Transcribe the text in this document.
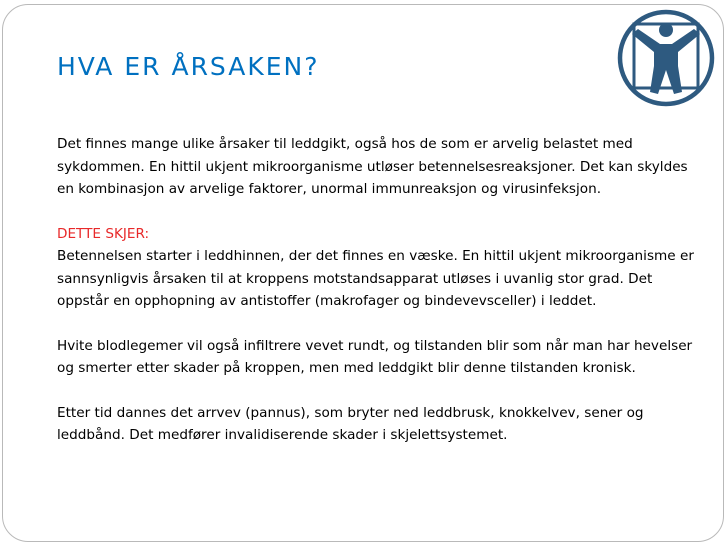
HVA ER ÅRSAKEN?

Det finnes mange ulike årsaker til leddgikt, også hos de som er arvelig belastet med sykdommen. En hittil ukjent mikroorganisme utløser betennelsesreaksjoner. Det kan skyldes en kombinasjon av arvelige faktorer, unormal immunreaksjon og virusinfeksjon.

DETTE SKJER:

Betennelsen starter i leddhinnen, der det finnes en væske. En hittil ukjent mikroorganisme er sannsynligvis årsaken til at kroppens motstandsapparat utløses i uvanlig stor grad. Det oppstår en opphopning av antistoffer (makrofager og bindevevsceller) i leddet.

Hvite blodlegemer vil også infiltrere vevet rundt, og tilstanden blir som når man har hevelser og smerter etter skader på kroppen, men med leddgikt blir denne tilstanden kronisk.

Etter tid dannes det arrvev (pannus), som bryter ned leddbrusk, knokkelvev, sener og leddbånd. Det medfører invalidiserende skader i skjelettsystemet.
